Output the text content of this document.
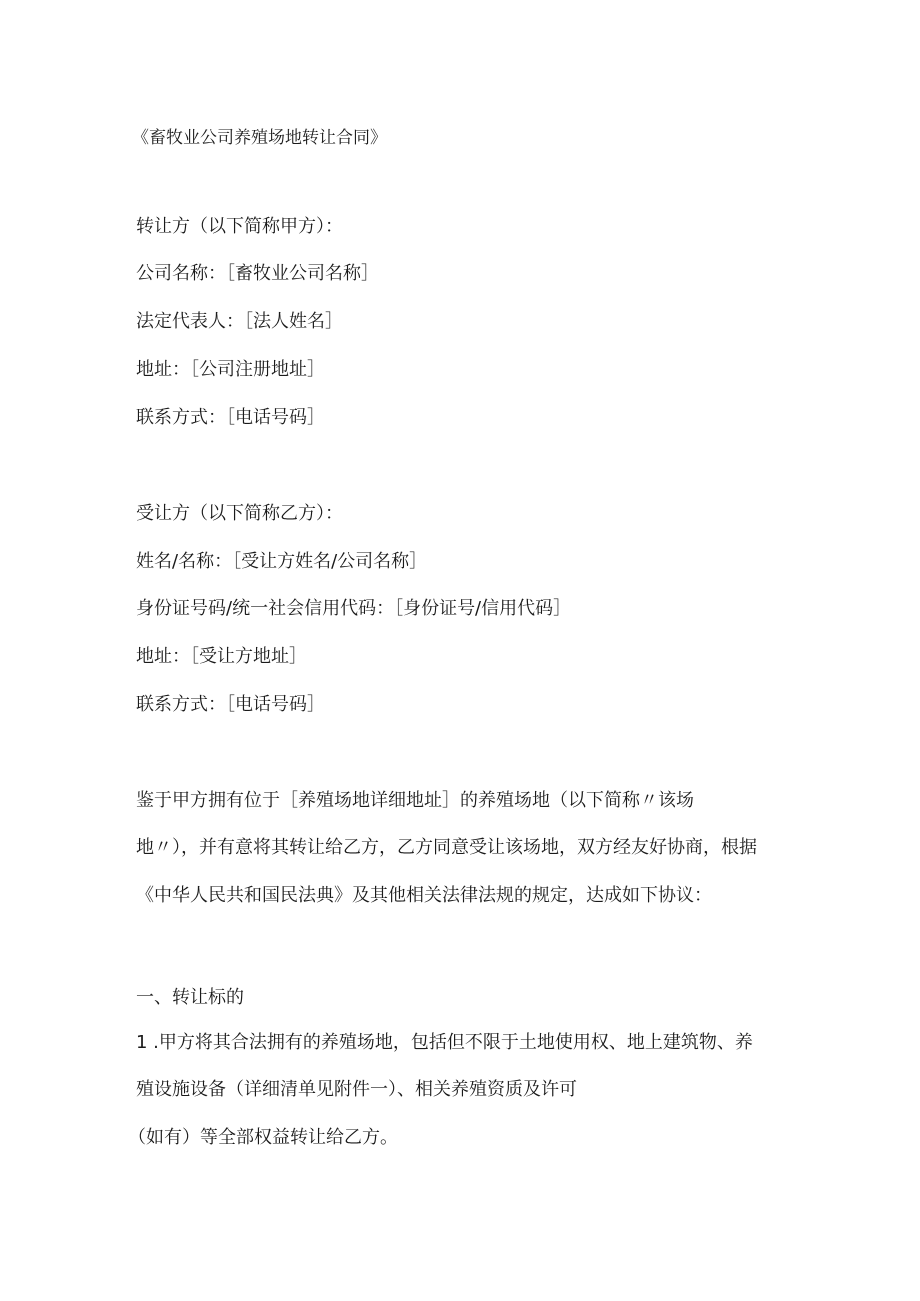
《畜牧业公司养殖场地转让合同》
转让方（以下简称甲方）：
公司名称：［畜牧业公司名称］
法定代表人：［法人姓名］
地址：［公司注册地址］
联系方式：［电话号码］
受让方（以下简称乙方）：
姓名/名称：［受让方姓名/公司名称］
身份证号码/统一社会信用代码：［身份证号/信用代码］
地址：［受让方地址］
联系方式：［电话号码］
鉴于甲方拥有位于［养殖场地详细地址］的养殖场地（以下简称〃该场
地〃），并有意将其转让给乙方，乙方同意受让该场地，双方经友好协商，根据
《中华人民共和国民法典》及其他相关法律法规的规定，达成如下协议：
一、转让标的
1 .甲方将其合法拥有的养殖场地，包括但不限于土地使用权、地上建筑物、养
殖设施设备（详细清单见附件一）、相关养殖资质及许可
（如有）等全部权益转让给乙方。
